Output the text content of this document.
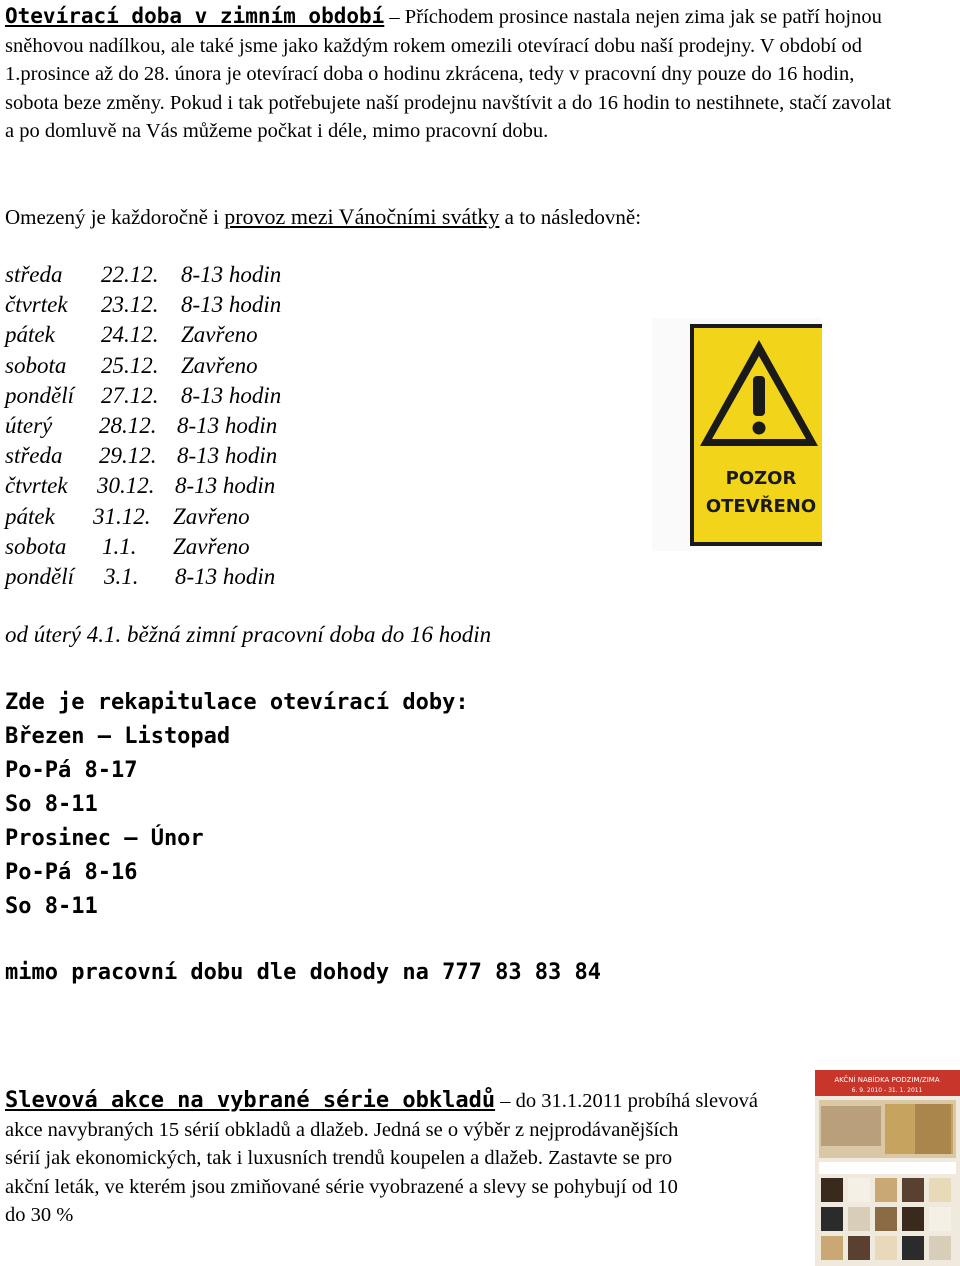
Otevírací doba v zimním období – Příchodem prosince nastala nejen zima jak se patří hojnou sněhovou nadílkou, ale také jsme jako každým rokem omezili otevírací dobu naší prodejny. V období od 1.prosince až do 28. února je otevírací doba o hodinu zkrácena, tedy v pracovní dny pouze do 16 hodin, sobota beze změny. Pokud i tak potřebujete naší prodejnu navštívit a do 16 hodin to nestihnete, stačí zavolat a po domluvě na Vás můžeme počkat i déle, mimo pracovní dobu.
Omezený je každoročně i provoz mezi Vánočními svátky a to následovně:
středa 22.12. 8-13 hodin
čtvrtek 23.12. 8-13 hodin
pátek 24.12. Zavřeno
sobota 25.12. Zavřeno
pondělí 27.12. 8-13 hodin
úterý 28.12. 8-13 hodin
středa 29.12. 8-13 hodin
čtvrtek 30.12. 8-13 hodin
pátek 31.12. Zavřeno
sobota 1.1. Zavřeno
pondělí 3.1. 8-13 hodin
od úterý 4.1. běžná zimní pracovní doba do 16 hodin
POZOR
OTEVŘENO
Zde je rekapitulace otevírací doby:
Březen – Listopad
Po-Pá 8-17
So 8-11
Prosinec – Únor
Po-Pá 8-16
So 8-11
mimo pracovní dobu dle dohody na 777 83 83 84
Slevová akce na vybrané série obkladů – do 31.1.2011 probíhá slevová
akce navybraných 15 sérií obkladů a dlažeb. Jedná se o výběr z nejprodávanějších
sérií jak ekonomických, tak i luxusních trendů koupelen a dlažeb. Zastavte se pro
akční leták, ve kterém jsou zmiňované série vyobrazené a slevy se pohybují od 10
do 30 %
AKČNÍ NABÍDKA PODZIM/ZIMA
6. 9. 2010 - 31. 1. 2011
